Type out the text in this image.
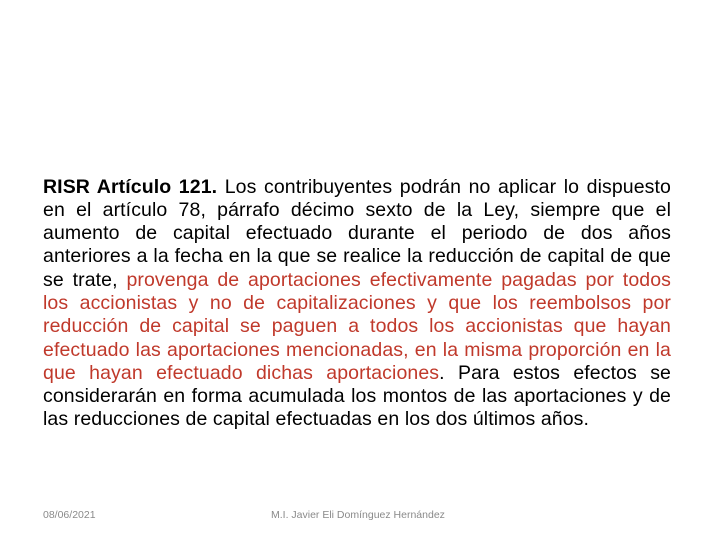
RISR Artículo 121. Los contribuyentes podrán no aplicar lo dispuesto en el artículo 78, párrafo décimo sexto de la Ley, siempre que el aumento de capital efectuado durante el periodo de dos años anteriores a la fecha en la que se realice la reducción de capital de que se trate, provenga de aportaciones efectivamente pagadas por todos los accionistas y no de capitalizaciones y que los reembolsos por reducción de capital se paguen a todos los accionistas que hayan efectuado las aportaciones mencionadas, en la misma proporción en la que hayan efectuado dichas aportaciones. Para estos efectos se considerarán en forma acumulada los montos de las aportaciones y de las reducciones de capital efectuadas en los dos últimos años.

08/06/2021	M.I. Javier Eli Domínguez Hernández
